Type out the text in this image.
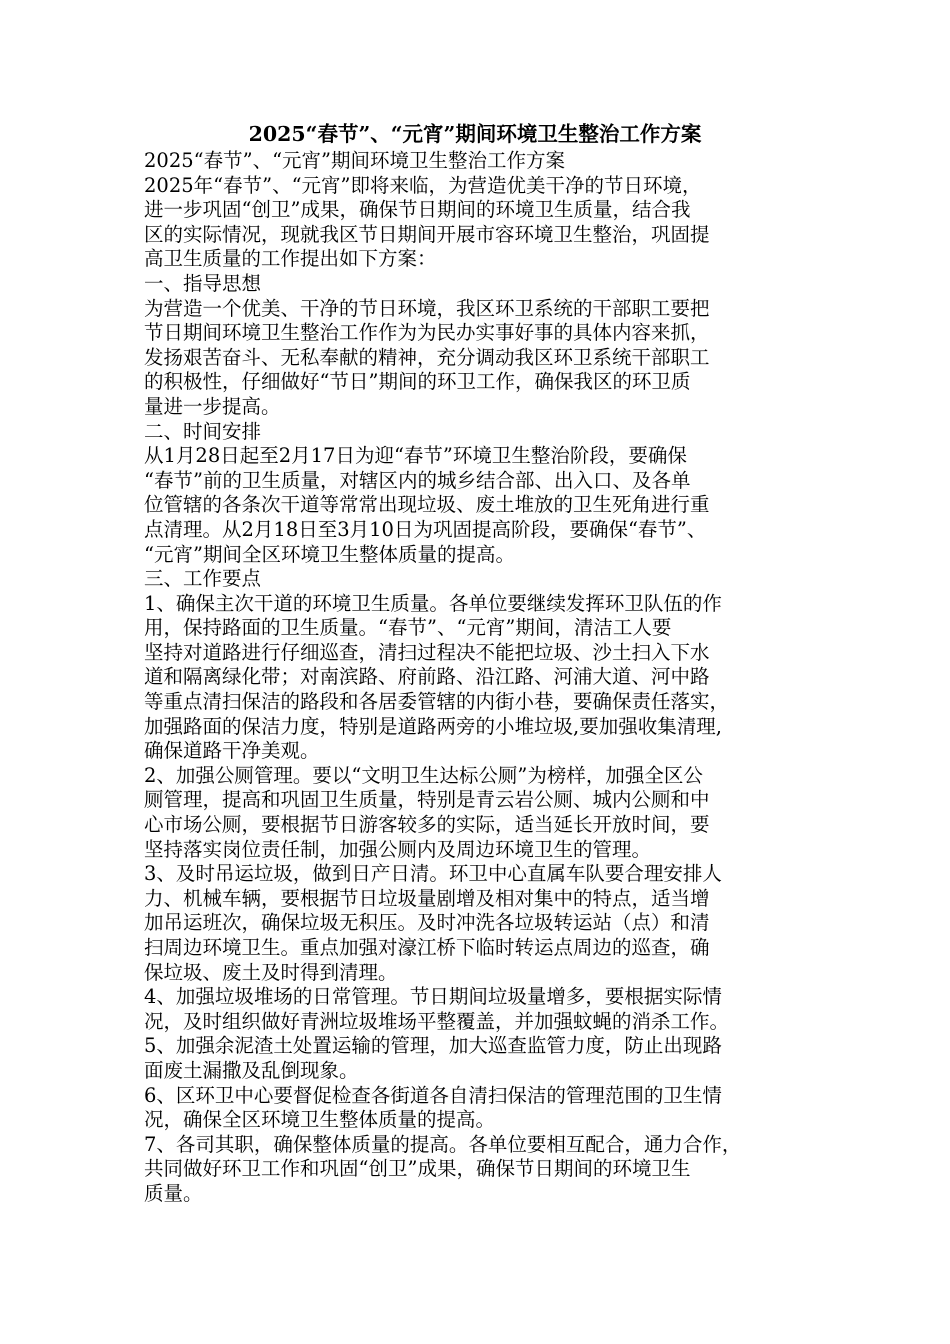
2025“春节”、“元宵”期间环境卫生整治工作方案
2025“春节”、“元宵”期间环境卫生整治工作方案
2025年“春节”、“元宵”即将来临，为营造优美干净的节日环境，
进一步巩固“创卫”成果，确保节日期间的环境卫生质量，结合我
区的实际情况，现就我区节日期间开展市容环境卫生整治，巩固提
高卫生质量的工作提出如下方案：
一、指导思想
为营造一个优美、干净的节日环境，我区环卫系统的干部职工要把
节日期间环境卫生整治工作作为为民办实事好事的具体内容来抓，
发扬艰苦奋斗、无私奉献的精神，充分调动我区环卫系统干部职工
的积极性，仔细做好“节日”期间的环卫工作，确保我区的环卫质
量进一步提高。
二、时间安排
从1月28日起至2月17日为迎“春节”环境卫生整治阶段，要确保
“春节”前的卫生质量，对辖区内的城乡结合部、出入口、及各单
位管辖的各条次干道等常常出现垃圾、废土堆放的卫生死角进行重
点清理。从2月18日至3月10日为巩固提高阶段，要确保“春节”、
“元宵”期间全区环境卫生整体质量的提高。
三、工作要点
1、确保主次干道的环境卫生质量。各单位要继续发挥环卫队伍的作
用，保持路面的卫生质量。“春节”、“元宵”期间，清洁工人要
坚持对道路进行仔细巡查，清扫过程决不能把垃圾、沙土扫入下水
道和隔离绿化带；对南滨路、府前路、沿江路、河浦大道、河中路
等重点清扫保洁的路段和各居委管辖的内街小巷，要确保责任落实，
加强路面的保洁力度，特别是道路两旁的小堆垃圾,要加强收集清理,
确保道路干净美观。
2、加强公厕管理。要以“文明卫生达标公厕”为榜样，加强全区公
厕管理，提高和巩固卫生质量，特别是青云岩公厕、城内公厕和中
心市场公厕，要根据节日游客较多的实际，适当延长开放时间，要
坚持落实岗位责任制，加强公厕内及周边环境卫生的管理。
3、及时吊运垃圾，做到日产日清。环卫中心直属车队要合理安排人
力、机械车辆，要根据节日垃圾量剧增及相对集中的特点，适当增
加吊运班次，确保垃圾无积压。及时冲洗各垃圾转运站（点）和清
扫周边环境卫生。重点加强对濠江桥下临时转运点周边的巡查，确
保垃圾、废土及时得到清理。
4、加强垃圾堆场的日常管理。节日期间垃圾量增多，要根据实际情
况，及时组织做好青洲垃圾堆场平整覆盖，并加强蚊蝇的消杀工作。
5、加强余泥渣土处置运输的管理，加大巡查监管力度，防止出现路
面废土漏撒及乱倒现象。
6、区环卫中心要督促检查各街道各自清扫保洁的管理范围的卫生情
况，确保全区环境卫生整体质量的提高。
7、各司其职，确保整体质量的提高。各单位要相互配合，通力合作，
共同做好环卫工作和巩固“创卫”成果，确保节日期间的环境卫生
质量。
